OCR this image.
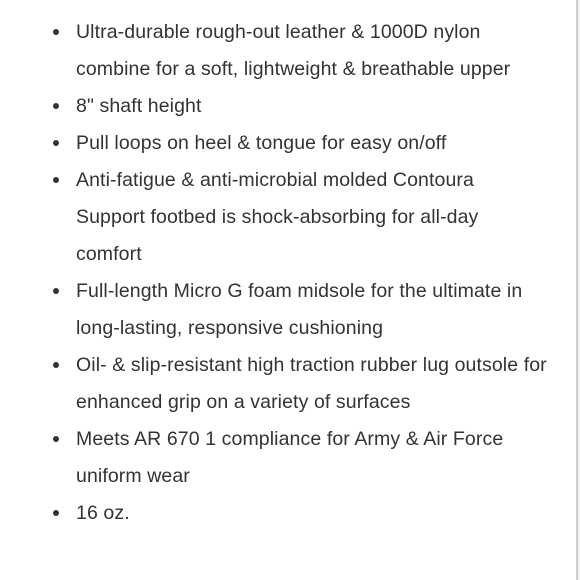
Ultra-durable rough-out leather & 1000D nylon combine for a soft, lightweight & breathable upper
8" shaft height
Pull loops on heel & tongue for easy on/off
Anti-fatigue & anti-microbial molded Contoura Support footbed is shock-absorbing for all-day comfort
Full-length Micro G foam midsole for the ultimate in long-lasting, responsive cushioning
Oil- & slip-resistant high traction rubber lug outsole for enhanced grip on a variety of surfaces
Meets AR 670 1 compliance for Army & Air Force uniform wear
16 oz.
